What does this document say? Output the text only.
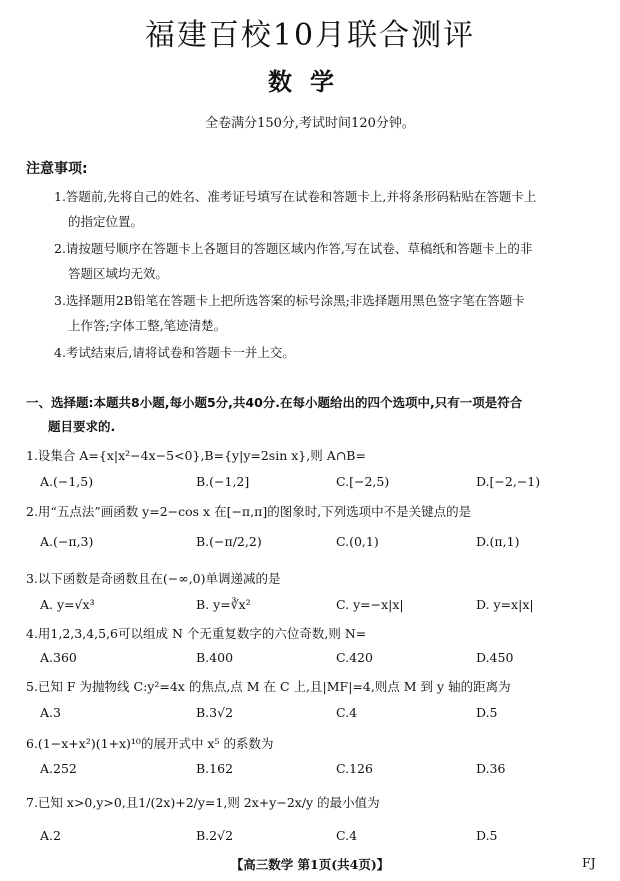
福建百校10月联合测评
数学
全卷满分150分,考试时间120分钟。
注意事项:
1.答题前,先将自己的姓名、准考证号填写在试卷和答题卡上,并将条形码粘贴在答题卡上
的指定位置。
2.请按题号顺序在答题卡上各题目的答题区域内作答,写在试卷、草稿纸和答题卡上的非
答题区域均无效。
3.选择题用2B铅笔在答题卡上把所选答案的标号涂黑;非选择题用黑色签字笔在答题卡
上作答;字体工整,笔迹清楚。
4.考试结束后,请将试卷和答题卡一并上交。
一、选择题:本题共8小题,每小题5分,共40分.在每小题给出的四个选项中,只有一项是符合
题目要求的.
1.设集合 A={x|x²−4x−5<0},B={y|y=2sin x},则 A∩B=
A.(−1,5)	B.(−1,2]	C.[−2,5)	D.[−2,−1)
2.用“五点法”画函数 y=2−cos x 在[−π,π]的图象时,下列选项中不是关键点的是
A.(−π,3)	B.(−π/2,2)	C.(0,1)	D.(π,1)
3.以下函数是奇函数且在(−∞,0)单调递减的是
A. y=√x³	B. y=∛x²	C. y=−x|x|	D. y=x|x|
4.用1,2,3,4,5,6可以组成 N 个无重复数字的六位奇数,则 N=
A.360	B.400	C.420	D.450
5.已知 F 为抛物线 C:y²=4x 的焦点,点 M 在 C 上,且|MF|=4,则点 M 到 y 轴的距离为
A.3	B.3√2	C.4	D.5
6.(1−x+x²)(1+x)¹⁰的展开式中 x⁵ 的系数为
A.252	B.162	C.126	D.36
7.已知 x>0,y>0,且1/(2x)+2/y=1,则 2x+y−2x/y 的最小值为
A.2	B.2√2	C.4	D.5
【高三数学 第1页(共4页)】	FJ
